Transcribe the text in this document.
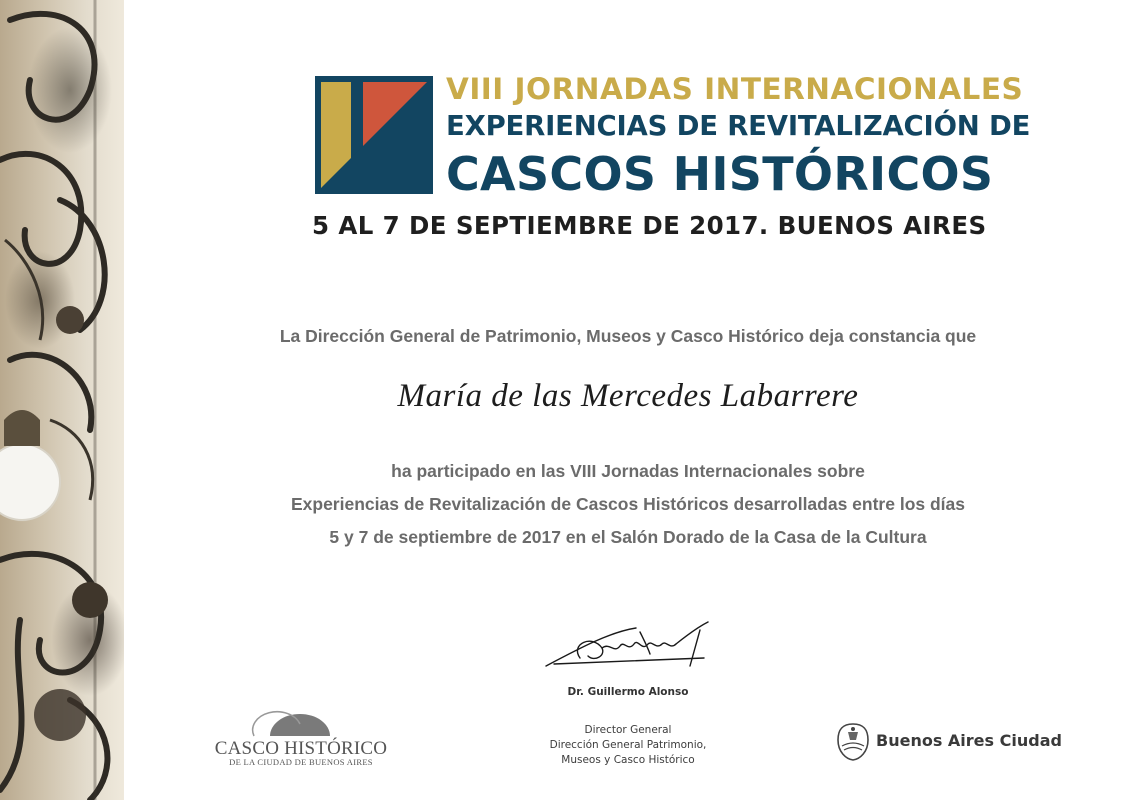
VIII JORNADAS INTERNACIONALES
EXPERIENCIAS DE REVITALIZACIÓN DE
CASCOS HISTÓRICOS
5 AL 7 DE SEPTIEMBRE DE 2017. BUENOS AIRES
La Dirección General de Patrimonio, Museos y Casco Histórico deja constancia que
María de las Mercedes Labarrere
ha participado en las VIII Jornadas Internacionales sobre
Experiencias de Revitalización de Cascos Históricos desarrolladas entre los días
5 y 7 de septiembre de 2017 en el Salón Dorado de la Casa de la Cultura
Dr. Guillermo Alonso
Director General
Dirección General Patrimonio,
Museos y Casco Histórico
CASCO HISTÓRICO
DE LA CIUDAD DE BUENOS AIRES
Buenos Aires Ciudad
